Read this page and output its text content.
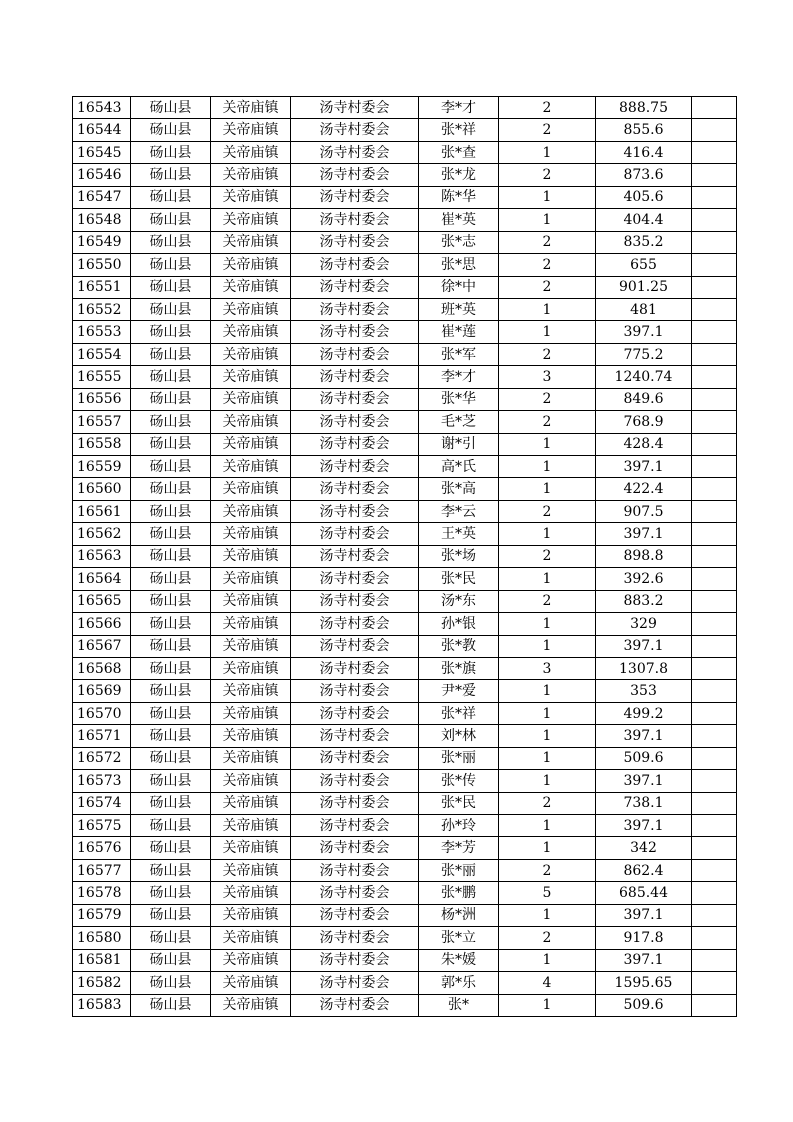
16543	砀山县	关帝庙镇	汤寺村委会	李*才	2	888.75	
16544	砀山县	关帝庙镇	汤寺村委会	张*祥	2	855.6	
16545	砀山县	关帝庙镇	汤寺村委会	张*查	1	416.4	
16546	砀山县	关帝庙镇	汤寺村委会	张*龙	2	873.6	
16547	砀山县	关帝庙镇	汤寺村委会	陈*华	1	405.6	
16548	砀山县	关帝庙镇	汤寺村委会	崔*英	1	404.4	
16549	砀山县	关帝庙镇	汤寺村委会	张*志	2	835.2	
16550	砀山县	关帝庙镇	汤寺村委会	张*思	2	655	
16551	砀山县	关帝庙镇	汤寺村委会	徐*中	2	901.25	
16552	砀山县	关帝庙镇	汤寺村委会	班*英	1	481	
16553	砀山县	关帝庙镇	汤寺村委会	崔*莲	1	397.1	
16554	砀山县	关帝庙镇	汤寺村委会	张*军	2	775.2	
16555	砀山县	关帝庙镇	汤寺村委会	李*才	3	1240.74	
16556	砀山县	关帝庙镇	汤寺村委会	张*华	2	849.6	
16557	砀山县	关帝庙镇	汤寺村委会	毛*芝	2	768.9	
16558	砀山县	关帝庙镇	汤寺村委会	谢*引	1	428.4	
16559	砀山县	关帝庙镇	汤寺村委会	高*氏	1	397.1	
16560	砀山县	关帝庙镇	汤寺村委会	张*高	1	422.4	
16561	砀山县	关帝庙镇	汤寺村委会	李*云	2	907.5	
16562	砀山县	关帝庙镇	汤寺村委会	王*英	1	397.1	
16563	砀山县	关帝庙镇	汤寺村委会	张*场	2	898.8	
16564	砀山县	关帝庙镇	汤寺村委会	张*民	1	392.6	
16565	砀山县	关帝庙镇	汤寺村委会	汤*东	2	883.2	
16566	砀山县	关帝庙镇	汤寺村委会	孙*银	1	329	
16567	砀山县	关帝庙镇	汤寺村委会	张*教	1	397.1	
16568	砀山县	关帝庙镇	汤寺村委会	张*旗	3	1307.8	
16569	砀山县	关帝庙镇	汤寺村委会	尹*爱	1	353	
16570	砀山县	关帝庙镇	汤寺村委会	张*祥	1	499.2	
16571	砀山县	关帝庙镇	汤寺村委会	刘*林	1	397.1	
16572	砀山县	关帝庙镇	汤寺村委会	张*丽	1	509.6	
16573	砀山县	关帝庙镇	汤寺村委会	张*传	1	397.1	
16574	砀山县	关帝庙镇	汤寺村委会	张*民	2	738.1	
16575	砀山县	关帝庙镇	汤寺村委会	孙*玲	1	397.1	
16576	砀山县	关帝庙镇	汤寺村委会	李*芳	1	342	
16577	砀山县	关帝庙镇	汤寺村委会	张*丽	2	862.4	
16578	砀山县	关帝庙镇	汤寺村委会	张*鹏	5	685.44	
16579	砀山县	关帝庙镇	汤寺村委会	杨*洲	1	397.1	
16580	砀山县	关帝庙镇	汤寺村委会	张*立	2	917.8	
16581	砀山县	关帝庙镇	汤寺村委会	朱*媛	1	397.1	
16582	砀山县	关帝庙镇	汤寺村委会	郭*乐	4	1595.65	
16583	砀山县	关帝庙镇	汤寺村委会	张*	1	509.6	
